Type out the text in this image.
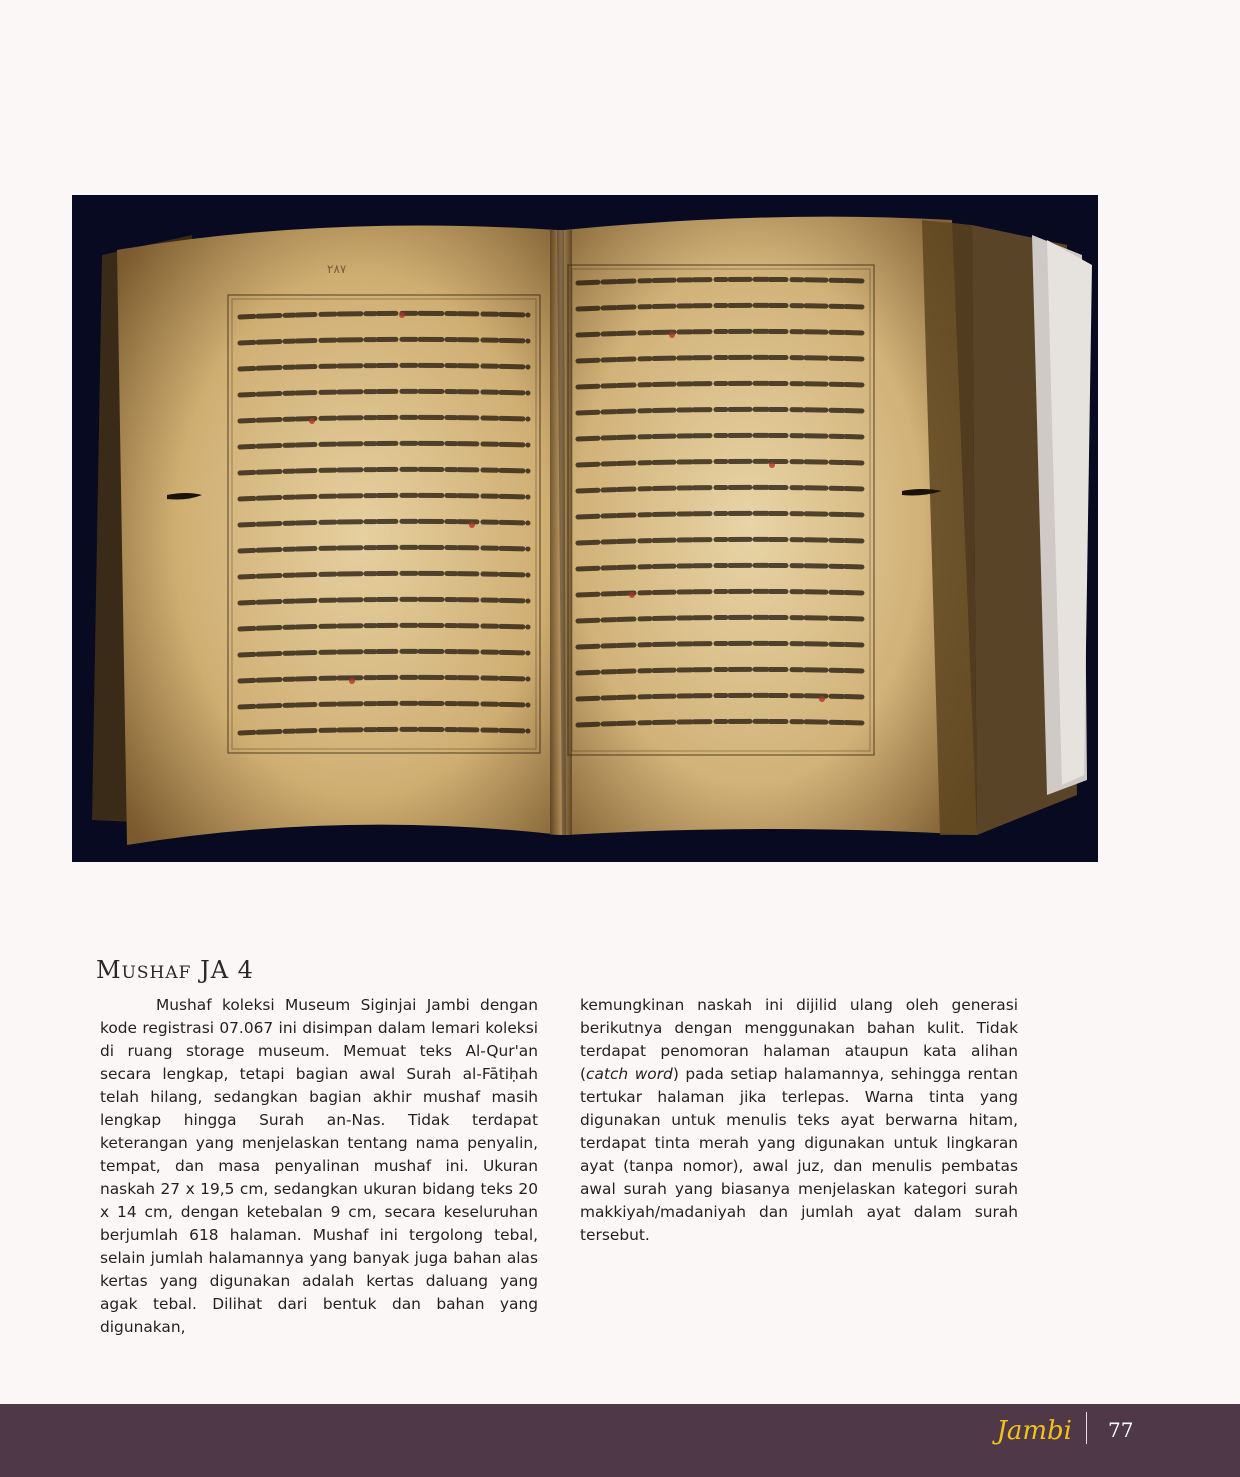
۲۸۷
Mushaf JA 4

Mushaf koleksi Museum Siginjai Jambi dengan kode registrasi 07.067 ini disimpan dalam lemari koleksi di ruang storage museum. Memuat teks Al-Qur'an secara lengkap, tetapi bagian awal Surah al-Fātiḥah telah hilang, sedangkan bagian akhir mushaf masih lengkap hingga Surah an-Nas. Tidak terdapat keterangan yang menjelaskan tentang nama penyalin, tempat, dan masa penyalinan mushaf ini. Ukuran naskah 27 x 19,5 cm, sedangkan ukuran bidang teks 20 x 14 cm, dengan ketebalan 9 cm, secara keseluruhan berjumlah 618 halaman. Mushaf ini tergolong tebal, selain jumlah halamannya yang banyak juga bahan alas kertas yang digunakan adalah kertas daluang yang agak tebal. Dilihat dari bentuk dan bahan yang digunakan,

kemungkinan naskah ini dijilid ulang oleh generasi berikutnya dengan menggunakan bahan kulit. Tidak terdapat penomoran halaman ataupun kata alihan (catch word) pada setiap halamannya, sehingga rentan tertukar halaman jika terlepas. Warna tinta yang digunakan untuk menulis teks ayat berwarna hitam, terdapat tinta merah yang digunakan untuk lingkaran ayat (tanpa nomor), awal juz, dan menulis pembatas awal surah yang biasanya menjelaskan kategori surah makkiyah/madaniyah dan jumlah ayat dalam surah tersebut.

Jambi 77
